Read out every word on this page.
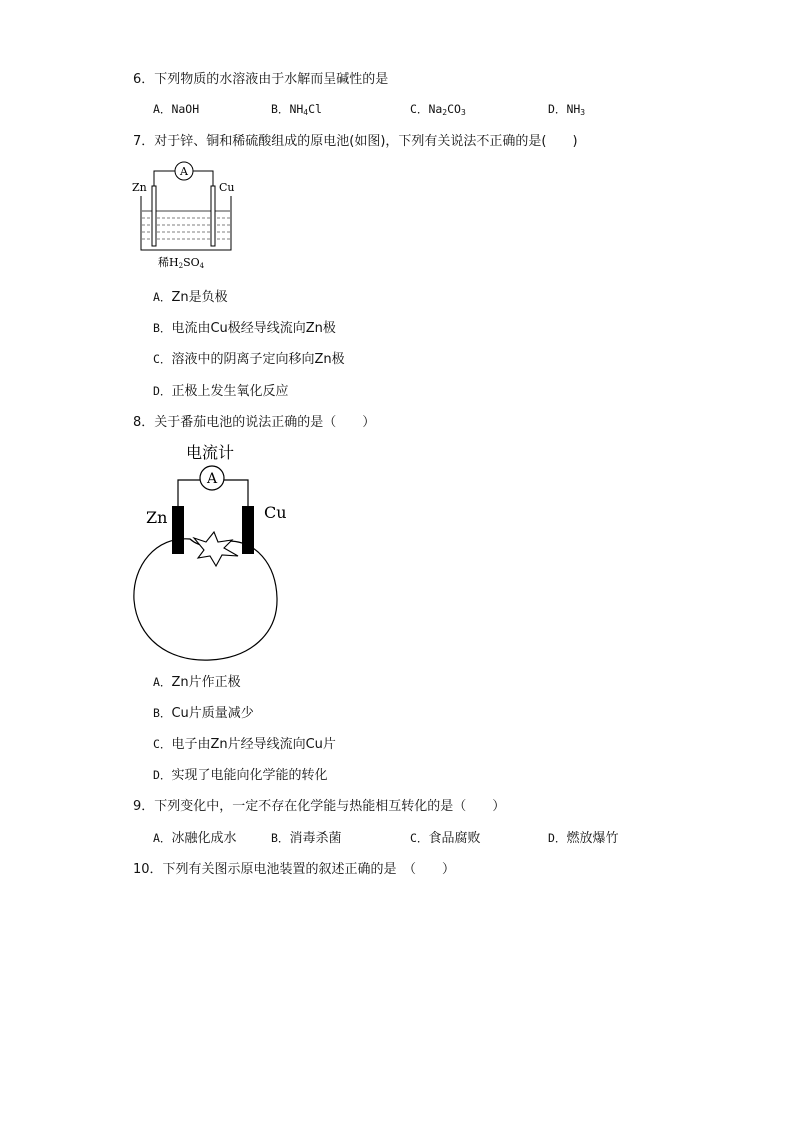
6．下列物质的水溶液由于水解而呈碱性的是
A．NaOH	B．$NH_4Cl$	C．$Na_2CO_3$	D．$NH_3$
7．对于锌、铜和稀硫酸组成的原电池(如图)，下列有关说法不正确的是(　　)
A
Zn	Cu
稀H2SO4
A．Zn是负极
B．电流由Cu极经导线流向Zn极
C．溶液中的阴离子定向移向Zn极
D．正极上发生氧化反应
8．关于番茄电池的说法正确的是（　　）
电流计
A
Zn	Cu
A．Zn片作正极
B．Cu片质量减少
C．电子由Zn片经导线流向Cu片
D．实现了电能向化学能的转化
9．下列变化中，一定不存在化学能与热能相互转化的是（　　）
A．冰融化成水	B．消毒杀菌	C．食品腐败	D．燃放爆竹
10．下列有关图示原电池装置的叙述正确的是　（　　）
